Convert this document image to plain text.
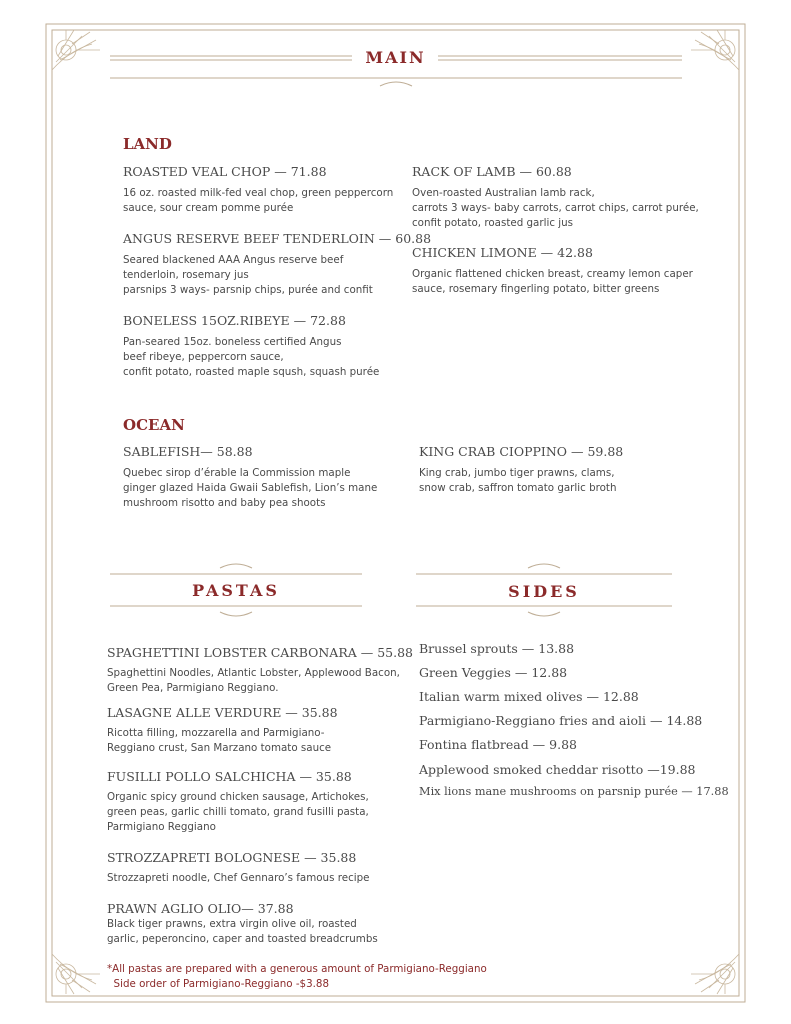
MAIN
LAND
ROASTED VEAL CHOP — 71.88
16 oz. roasted milk-fed veal chop, green peppercorn
sauce, sour cream pomme purée
ANGUS RESERVE BEEF TENDERLOIN — 60.88
Seared blackened AAA Angus reserve beef
tenderloin, rosemary jus
parsnips 3 ways- parsnip chips, purée and confit
BONELESS 15OZ.RIBEYE — 72.88
Pan-seared 15oz. boneless certified Angus
beef ribeye, peppercorn sauce,
confit potato, roasted maple sqush, squash purée
RACK OF LAMB — 60.88
Oven-roasted Australian lamb rack,
carrots 3 ways- baby carrots, carrot chips, carrot purée,
confit potato, roasted garlic jus
CHICKEN LIMONE — 42.88
Organic flattened chicken breast, creamy lemon caper
sauce, rosemary fingerling potato, bitter greens
OCEAN
SABLEFISH— 58.88
Quebec sirop d’érable la Commission maple
ginger glazed Haida Gwaii Sablefish, Lion’s mane
mushroom risotto and baby pea shoots
KING CRAB CIOPPINO — 59.88
King crab, jumbo tiger prawns, clams,
snow crab, saffron tomato garlic broth
PASTAS	SIDES
SPAGHETTINI LOBSTER CARBONARA — 55.88
Spaghettini Noodles, Atlantic Lobster, Applewood Bacon,
Green Pea, Parmigiano Reggiano.
LASAGNE ALLE VERDURE — 35.88
Ricotta filling, mozzarella and Parmigiano-
Reggiano crust, San Marzano tomato sauce
FUSILLI POLLO SALCHICHA — 35.88
Organic spicy ground chicken sausage, Artichokes,
green peas, garlic chilli tomato, grand fusilli pasta,
Parmigiano Reggiano
STROZZAPRETI BOLOGNESE — 35.88
Strozzapreti noodle, Chef Gennaro’s famous recipe
PRAWN AGLIO OLIO— 37.88
Black tiger prawns, extra virgin olive oil, roasted
garlic, peperoncino, caper and toasted breadcrumbs
*All pastas are prepared with a generous amount of Parmigiano-Reggiano
Side order of Parmigiano-Reggiano -$3.88
Brussel sprouts — 13.88
Green Veggies — 12.88
Italian warm mixed olives — 12.88
Parmigiano-Reggiano fries and aioli — 14.88
Fontina flatbread — 9.88
Applewood smoked cheddar risotto —19.88
Mix lions mane mushrooms on parsnip purée — 17.88
